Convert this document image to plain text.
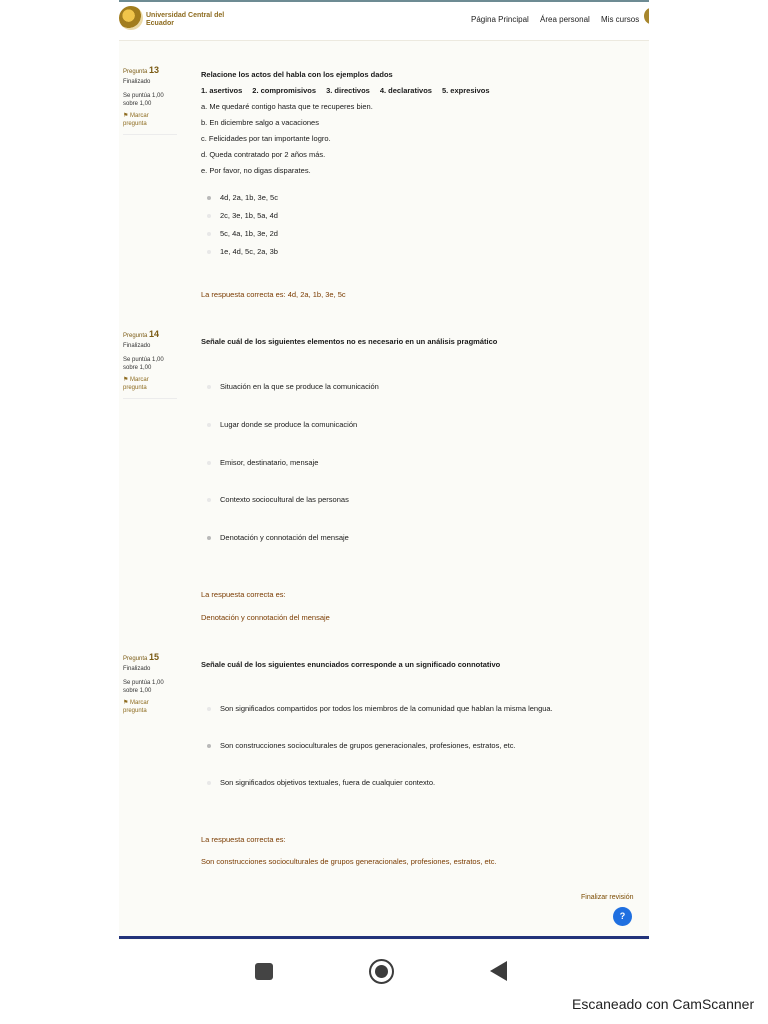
Universidad Central del Ecuador	Página Principal Área personal Mis cursos
Pregunta 13
Finalizado
Se puntúa 1,00 sobre 1,00
⚑ Marcar pregunta
Relacione los actos del habla con los ejemplos dados
1. asertivos 2. compromisivos 3. directivos 4. declarativos 5. expresivos
a. Me quedaré contigo hasta que te recuperes bien.
b. En diciembre salgo a vacaciones
c. Felicidades por tan importante logro.
d. Queda contratado por 2 años más.
e. Por favor, no digas disparates.
4d, 2a, 1b, 3e, 5c
2c, 3e, 1b, 5a, 4d
5c, 4a, 1b, 3e, 2d
1e, 4d, 5c, 2a, 3b
La respuesta correcta es: 4d, 2a, 1b, 3e, 5c
Pregunta 14
Finalizado
Se puntúa 1,00 sobre 1,00
⚑ Marcar pregunta
Señale cuál de los siguientes elementos no es necesario en un análisis pragmático
Situación en la que se produce la comunicación
Lugar donde se produce la comunicación
Emisor, destinatario, mensaje
Contexto sociocultural de las personas
Denotación y connotación del mensaje
La respuesta correcta es:
Denotación y connotación del mensaje
Pregunta 15
Finalizado
Se puntúa 1,00 sobre 1,00
⚑ Marcar pregunta
Señale cuál de los siguientes enunciados corresponde a un significado connotativo
Son significados compartidos por todos los miembros de la comunidad que hablan la misma lengua.
Son construcciones socioculturales de grupos generacionales, profesiones, estratos, etc.
Son significados objetivos textuales, fuera de cualquier contexto.
La respuesta correcta es:
Son construcciones socioculturales de grupos generacionales, profesiones, estratos, etc.
Finalizar revisión
?
Escaneado con CamScanner
